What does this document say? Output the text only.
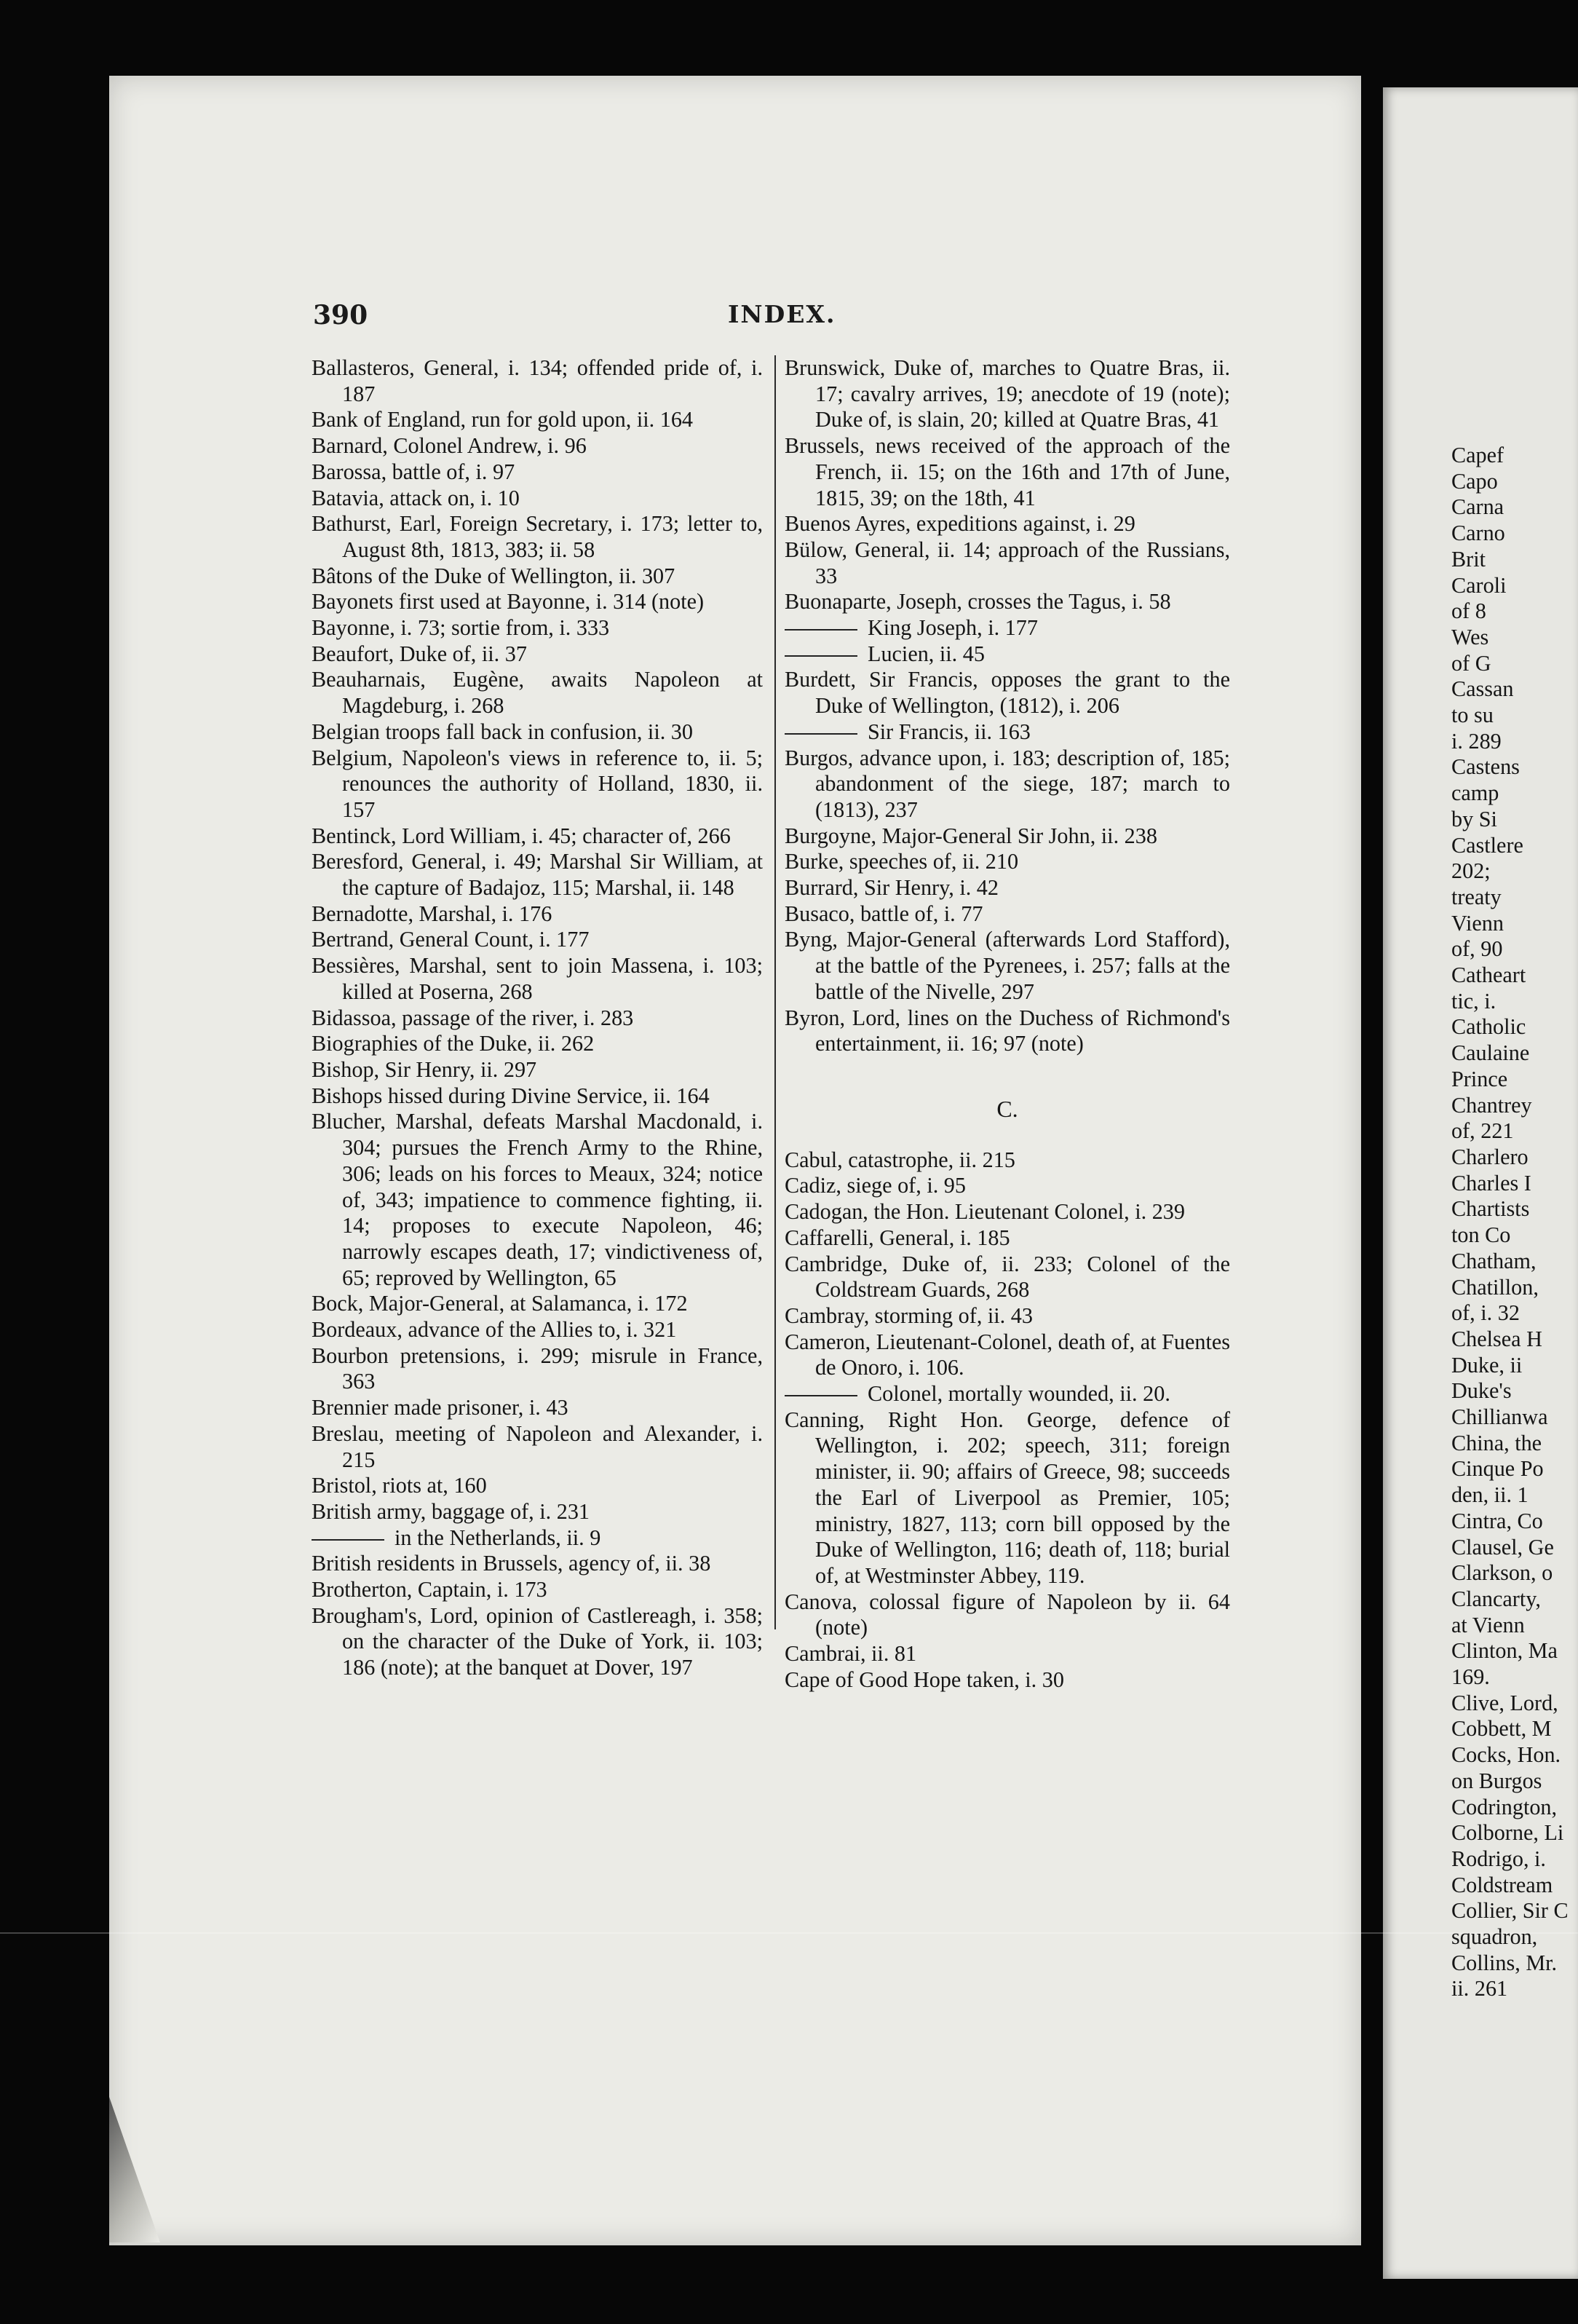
Capef
Capo
Carna
Carno
Brit
Caroli
of 8
Wes
of G
Cassan
to su
i. 289
Castens
camp
by Si
Castlere
202;
treaty
Vienn
of, 90
Catheart
tic, i.
Catholic
Caulaine
Prince
Chantrey
of, 221
Charlero
Charles I
Chartists
ton Co
Chatham,
Chatillon,
of, i. 32
Chelsea H
Duke, ii
Duke's
Chillianwa
China, the
Cinque Po
den, ii. 1
Cintra, Co
Clausel, Ge
Clarkson, o
Clancarty,
at Vienn
Clinton, Ma
169.
Clive, Lord,
Cobbett, M
Cocks, Hon.
on Burgos
Codrington,
Colborne, Li
Rodrigo, i.
Coldstream
Collier, Sir C
squadron,
Collins, Mr.
ii. 261
390	INDEX.
Ballasteros, General, i. 134; offended pride of, i. 187
Bank of England, run for gold upon, ii. 164
Barnard, Colonel Andrew, i. 96
Barossa, battle of, i. 97
Batavia, attack on, i. 10
Bathurst, Earl, Foreign Secretary, i. 173; letter to, August 8th, 1813, 383; ii. 58
Bâtons of the Duke of Wellington, ii. 307
Bayonets first used at Bayonne, i. 314 (note)
Bayonne, i. 73; sortie from, i. 333
Beaufort, Duke of, ii. 37
Beauharnais, Eugène, awaits Napoleon at Magdeburg, i. 268
Belgian troops fall back in confusion, ii. 30
Belgium, Napoleon's views in reference to, ii. 5; renounces the authority of Holland, 1830, ii. 157
Bentinck, Lord William, i. 45; character of, 266
Beresford, General, i. 49; Marshal Sir William, at the capture of Badajoz, 115; Marshal, ii. 148
Bernadotte, Marshal, i. 176
Bertrand, General Count, i. 177
Bessières, Marshal, sent to join Massena, i. 103; killed at Poserna, 268
Bidassoa, passage of the river, i. 283
Biographies of the Duke, ii. 262
Bishop, Sir Henry, ii. 297
Bishops hissed during Divine Service, ii. 164
Blucher, Marshal, defeats Marshal Macdonald, i. 304; pursues the French Army to the Rhine, 306; leads on his forces to Meaux, 324; notice of, 343; impatience to commence fighting, ii. 14; proposes to execute Napoleon, 46; narrowly escapes death, 17; vindictiveness of, 65; reproved by Wellington, 65
Bock, Major-General, at Salamanca, i. 172
Bordeaux, advance of the Allies to, i. 321
Bourbon pretensions, i. 299; misrule in France, 363
Brennier made prisoner, i. 43
Breslau, meeting of Napoleon and Alexander, i. 215
Bristol, riots at, 160
British army, baggage of, i. 231
in the Netherlands, ii. 9
British residents in Brussels, agency of, ii. 38
Brotherton, Captain, i. 173
Brougham's, Lord, opinion of Castlereagh, i. 358; on the character of the Duke of York, ii. 103; 186 (note); at the banquet at Dover, 197
Brunswick, Duke of, marches to Quatre Bras, ii. 17; cavalry arrives, 19; anecdote of 19 (note); Duke of, is slain, 20; killed at Quatre Bras, 41
Brussels, news received of the approach of the French, ii. 15; on the 16th and 17th of June, 1815, 39; on the 18th, 41
Buenos Ayres, expeditions against, i. 29
Bülow, General, ii. 14; approach of the Russians, 33
Buonaparte, Joseph, crosses the Tagus, i. 58
King Joseph, i. 177
Lucien, ii. 45
Burdett, Sir Francis, opposes the grant to the Duke of Wellington, (1812), i. 206
Sir Francis, ii. 163
Burgos, advance upon, i. 183; description of, 185; abandonment of the siege, 187; march to (1813), 237
Burgoyne, Major-General Sir John, ii. 238
Burke, speeches of, ii. 210
Burrard, Sir Henry, i. 42
Busaco, battle of, i. 77
Byng, Major-General (afterwards Lord Stafford), at the battle of the Pyrenees, i. 257; falls at the battle of the Nivelle, 297
Byron, Lord, lines on the Duchess of Richmond's entertainment, ii. 16; 97 (note)
C.
Cabul, catastrophe, ii. 215
Cadiz, siege of, i. 95
Cadogan, the Hon. Lieutenant Colonel, i. 239
Caffarelli, General, i. 185
Cambridge, Duke of, ii. 233; Colonel of the Coldstream Guards, 268
Cambray, storming of, ii. 43
Cameron, Lieutenant-Colonel, death of, at Fuentes de Onoro, i. 106.
Colonel, mortally wounded, ii. 20.
Canning, Right Hon. George, defence of Wellington, i. 202; speech, 311; foreign minister, ii. 90; affairs of Greece, 98; succeeds the Earl of Liverpool as Premier, 105; ministry, 1827, 113; corn bill opposed by the Duke of Wellington, 116; death of, 118; burial of, at Westminster Abbey, 119.
Canova, colossal figure of Napoleon by ii. 64 (note)
Cambrai, ii. 81
Cape of Good Hope taken, i. 30
